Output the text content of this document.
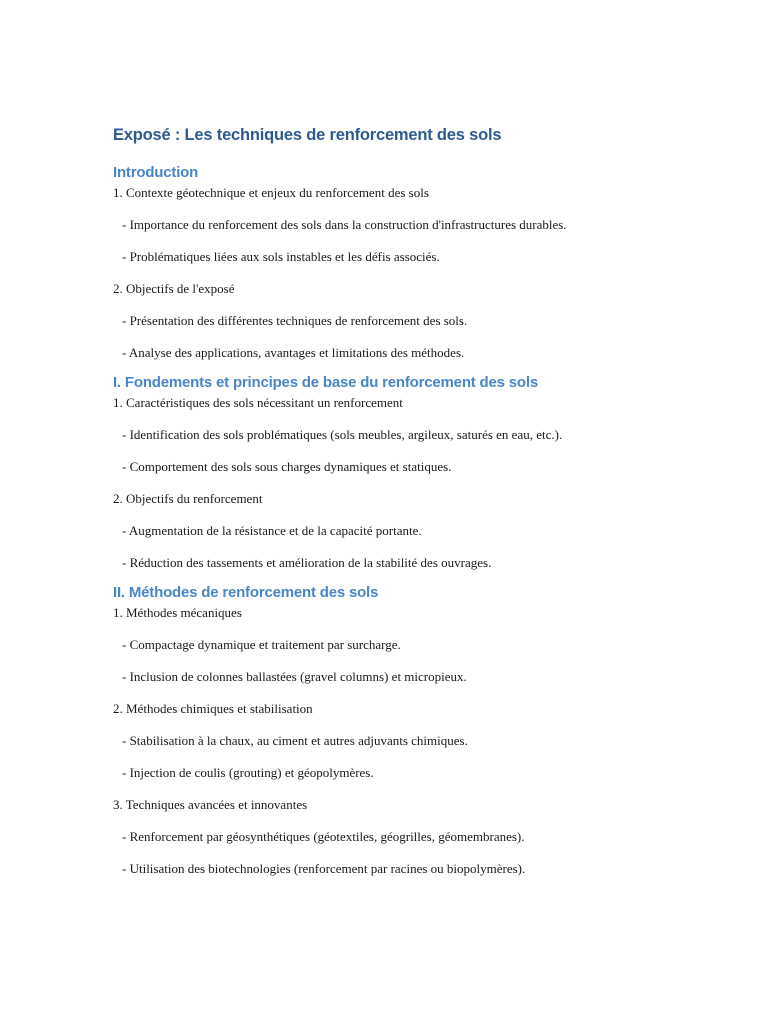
Exposé : Les techniques de renforcement des sols
Introduction
1. Contexte géotechnique et enjeux du renforcement des sols
- Importance du renforcement des sols dans la construction d'infrastructures durables.
- Problématiques liées aux sols instables et les défis associés.
2. Objectifs de l'exposé
- Présentation des différentes techniques de renforcement des sols.
- Analyse des applications, avantages et limitations des méthodes.
I. Fondements et principes de base du renforcement des sols
1. Caractéristiques des sols nécessitant un renforcement
- Identification des sols problématiques (sols meubles, argileux, saturés en eau, etc.).
- Comportement des sols sous charges dynamiques et statiques.
2. Objectifs du renforcement
- Augmentation de la résistance et de la capacité portante.
- Réduction des tassements et amélioration de la stabilité des ouvrages.
II. Méthodes de renforcement des sols
1. Méthodes mécaniques
- Compactage dynamique et traitement par surcharge.
- Inclusion de colonnes ballastées (gravel columns) et micropieux.
2. Méthodes chimiques et stabilisation
- Stabilisation à la chaux, au ciment et autres adjuvants chimiques.
- Injection de coulis (grouting) et géopolymères.
3. Techniques avancées et innovantes
- Renforcement par géosynthétiques (géotextiles, géogrilles, géomembranes).
- Utilisation des biotechnologies (renforcement par racines ou biopolymères).
